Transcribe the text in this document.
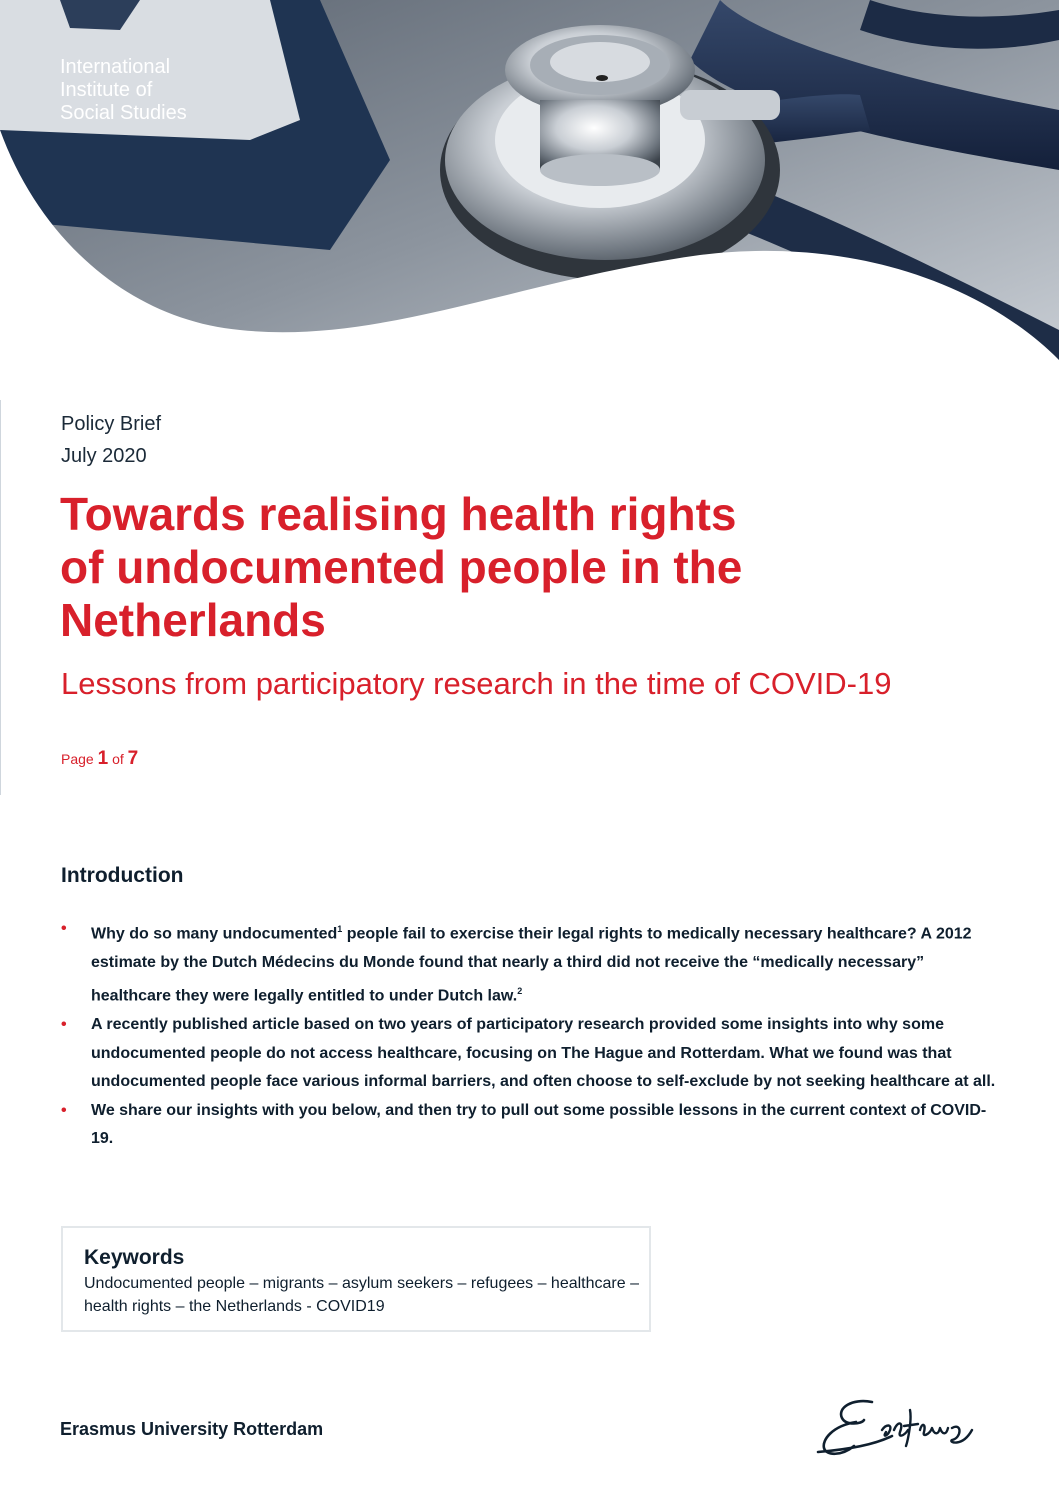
International
Institute of
Social Studies
Policy Brief
July 2020
Towards realising health rights
of undocumented people in the
Netherlands
Lessons from participatory research in the time of COVID-19
Page 1 of 7
Introduction
• Why do so many undocumented$^1$ people fail to exercise their legal rights to medically necessary healthcare? A 2012 estimate by the Dutch Médecins du Monde found that nearly a third did not receive the “medically necessary” healthcare they were legally entitled to under Dutch law.$^2$
• A recently published article based on two years of participatory research provided some insights into why some undocumented people do not access healthcare, focusing on The Hague and Rotterdam. What we found was that undocumented people face various informal barriers, and often choose to self-exclude by not seeking healthcare at all.
• We share our insights with you below, and then try to pull out some possible lessons in the current context of COVID-19.
Keywords
Undocumented people – migrants – asylum seekers – refugees – healthcare – health rights – the Netherlands - COVID19
Erasmus University Rotterdam
